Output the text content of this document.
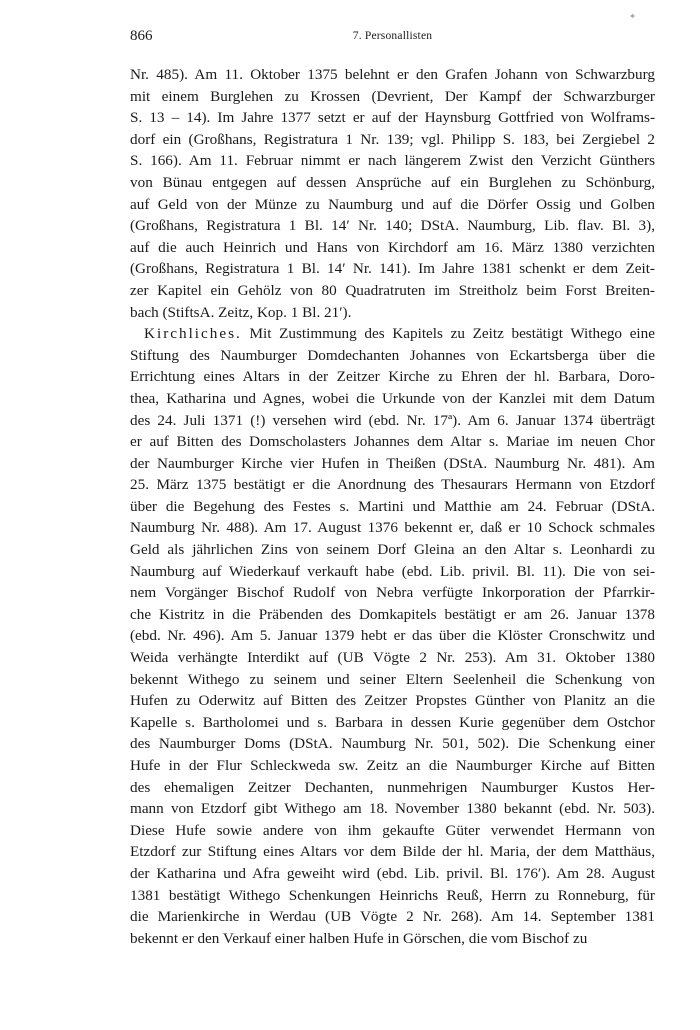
*
866	7. Personallisten
Nr. 485). Am 11. Oktober 1375 belehnt er den Grafen Johann von Schwarzburg
mit einem Burglehen zu Krossen (Devrient, Der Kampf der Schwarzburger
S. 13 – 14). Im Jahre 1377 setzt er auf der Haynsburg Gottfried von Wolframs-
dorf ein (Großhans, Registratura 1 Nr. 139; vgl. Philipp S. 183, bei Zergiebel 2
S. 166). Am 11. Februar nimmt er nach längerem Zwist den Verzicht Günthers
von Bünau entgegen auf dessen Ansprüche auf ein Burglehen zu Schönburg,
auf Geld von der Münze zu Naumburg und auf die Dörfer Ossig und Golben
(Großhans, Registratura 1 Bl. 14′ Nr. 140; DStA. Naumburg, Lib. flav. Bl. 3),
auf die auch Heinrich und Hans von Kirchdorf am 16. März 1380 verzichten
(Großhans, Registratura 1 Bl. 14′ Nr. 141). Im Jahre 1381 schenkt er dem Zeit-
zer Kapitel ein Gehölz von 80 Quadratruten im Streitholz beim Forst Breiten-
bach (StiftsA. Zeitz, Kop. 1 Bl. 21′).
Kirchliches. Mit Zustimmung des Kapitels zu Zeitz bestätigt Withego eine
Stiftung des Naumburger Domdechanten Johannes von Eckartsberga über die
Errichtung eines Altars in der Zeitzer Kirche zu Ehren der hl. Barbara, Doro-
thea, Katharina und Agnes, wobei die Urkunde von der Kanzlei mit dem Datum
des 24. Juli 1371 (!) versehen wird (ebd. Nr. 17ª). Am 6. Januar 1374 überträgt
er auf Bitten des Domscholasters Johannes dem Altar s. Mariae im neuen Chor
der Naumburger Kirche vier Hufen in Theißen (DStA. Naumburg Nr. 481). Am
25. März 1375 bestätigt er die Anordnung des Thesaurars Hermann von Etzdorf
über die Begehung des Festes s. Martini und Matthie am 24. Februar (DStA.
Naumburg Nr. 488). Am 17. August 1376 bekennt er, daß er 10 Schock schmales
Geld als jährlichen Zins von seinem Dorf Gleina an den Altar s. Leonhardi zu
Naumburg auf Wiederkauf verkauft habe (ebd. Lib. privil. Bl. 11). Die von sei-
nem Vorgänger Bischof Rudolf von Nebra verfügte Inkorporation der Pfarrkir-
che Kistritz in die Präbenden des Domkapitels bestätigt er am 26. Januar 1378
(ebd. Nr. 496). Am 5. Januar 1379 hebt er das über die Klöster Cronschwitz und
Weida verhängte Interdikt auf (UB Vögte 2 Nr. 253). Am 31. Oktober 1380
bekennt Withego zu seinem und seiner Eltern Seelenheil die Schenkung von
Hufen zu Oderwitz auf Bitten des Zeitzer Propstes Günther von Planitz an die
Kapelle s. Bartholomei und s. Barbara in dessen Kurie gegenüber dem Ostchor
des Naumburger Doms (DStA. Naumburg Nr. 501, 502). Die Schenkung einer
Hufe in der Flur Schleckweda sw. Zeitz an die Naumburger Kirche auf Bitten
des ehemaligen Zeitzer Dechanten, nunmehrigen Naumburger Kustos Her-
mann von Etzdorf gibt Withego am 18. November 1380 bekannt (ebd. Nr. 503).
Diese Hufe sowie andere von ihm gekaufte Güter verwendet Hermann von
Etzdorf zur Stiftung eines Altars vor dem Bilde der hl. Maria, der dem Matthäus,
der Katharina und Afra geweiht wird (ebd. Lib. privil. Bl. 176′). Am 28. August
1381 bestätigt Withego Schenkungen Heinrichs Reuß, Herrn zu Ronneburg, für
die Marienkirche in Werdau (UB Vögte 2 Nr. 268). Am 14. September 1381
bekennt er den Verkauf einer halben Hufe in Görschen, die vom Bischof zu
